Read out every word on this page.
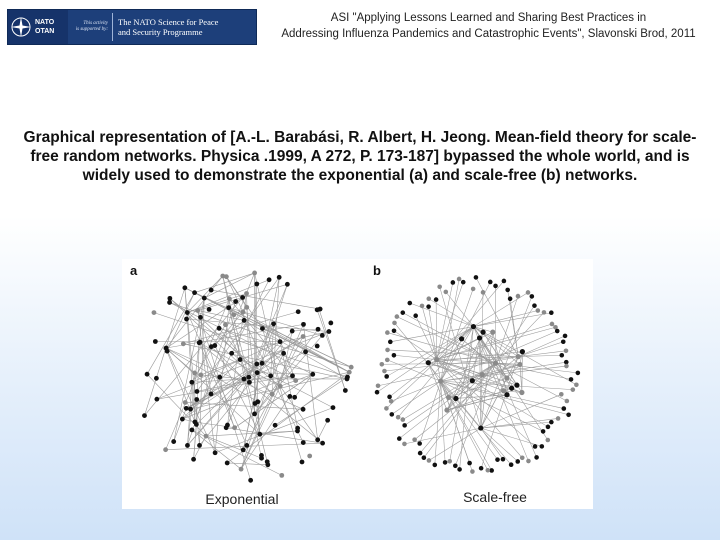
NATO
OTAN
This activity
is supported by:
The NATO Science for Peace
and Security Programme
ASI "Applying Lessons Learned and Sharing Best Practices in
Addressing Influenza Pandemics and Catastrophic Events", Slavonski Brod, 2011
Graphical representation of [A.-L. Barabási, R. Albert, H. Jeong. Mean-field theory for scale-free random networks. Physica .1999, A 272, P. 173-187] bypassed the whole world, and is widely used to demonstrate the exponential (a) and scale-free (b) networks.
a	b
Exponential	Scale-free
